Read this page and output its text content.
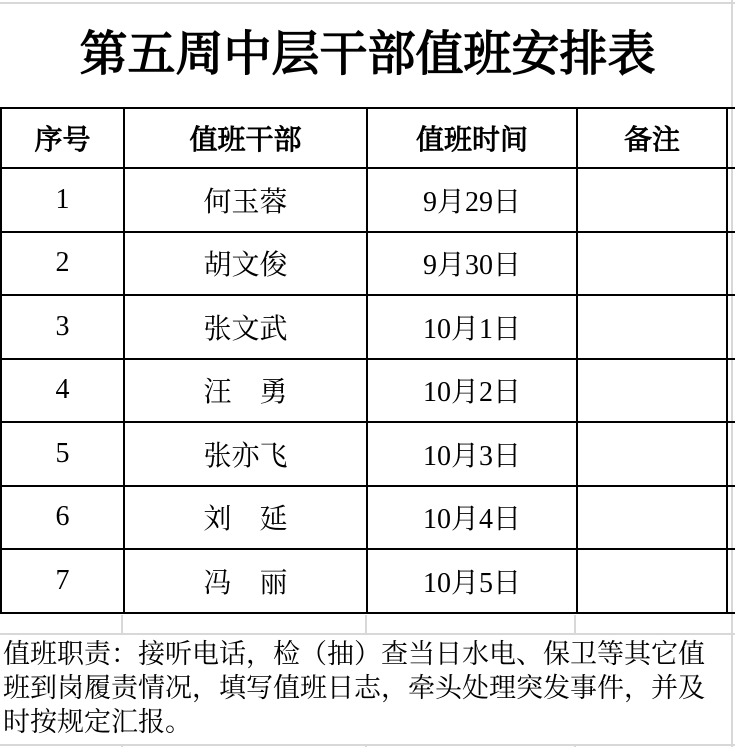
第五周中层干部值班安排表
序号	值班干部	值班时间	备注	
1	何玉蓉	9月29日		
2	胡文俊	9月30日		
3	张文武	10月1日		
4	汪　勇	10月2日		
5	张亦飞	10月3日		
6	刘　延	10月4日		
7	冯　丽	10月5日		
值班职责：接听电话，检（抽）查当日水电、保卫等其它值
班到岗履责情况，填写值班日志，牵头处理突发事件，并及
时按规定汇报。
